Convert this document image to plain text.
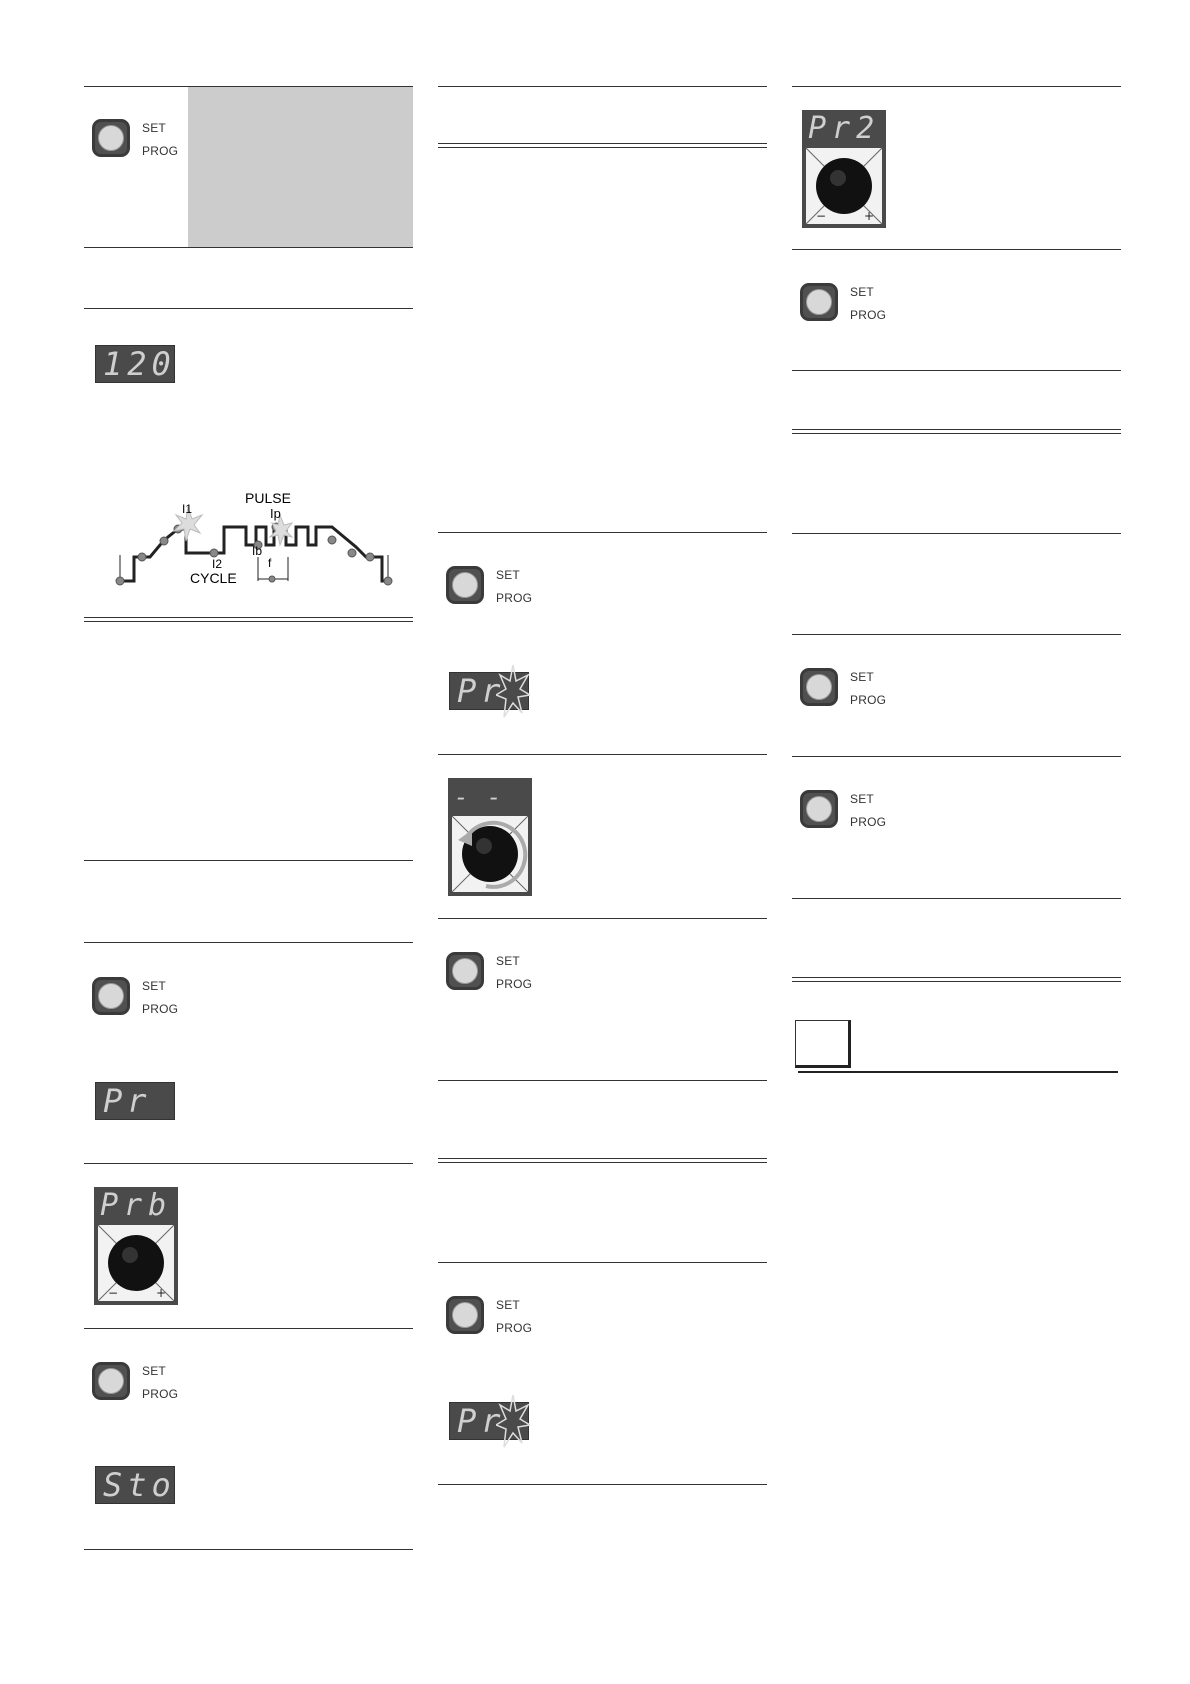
SET
PROG
120
PULSE
Ip
I1
I2
CYCLE
Ib
f
SET
PROG
Pr
Prb
−	+
SET
PROG
Sto
SET
PROG
Pr
- -
SET
PROG
SET
PROG
Pr
Pr2
−	+
SET
PROG
SET
PROG
SET
PROG
